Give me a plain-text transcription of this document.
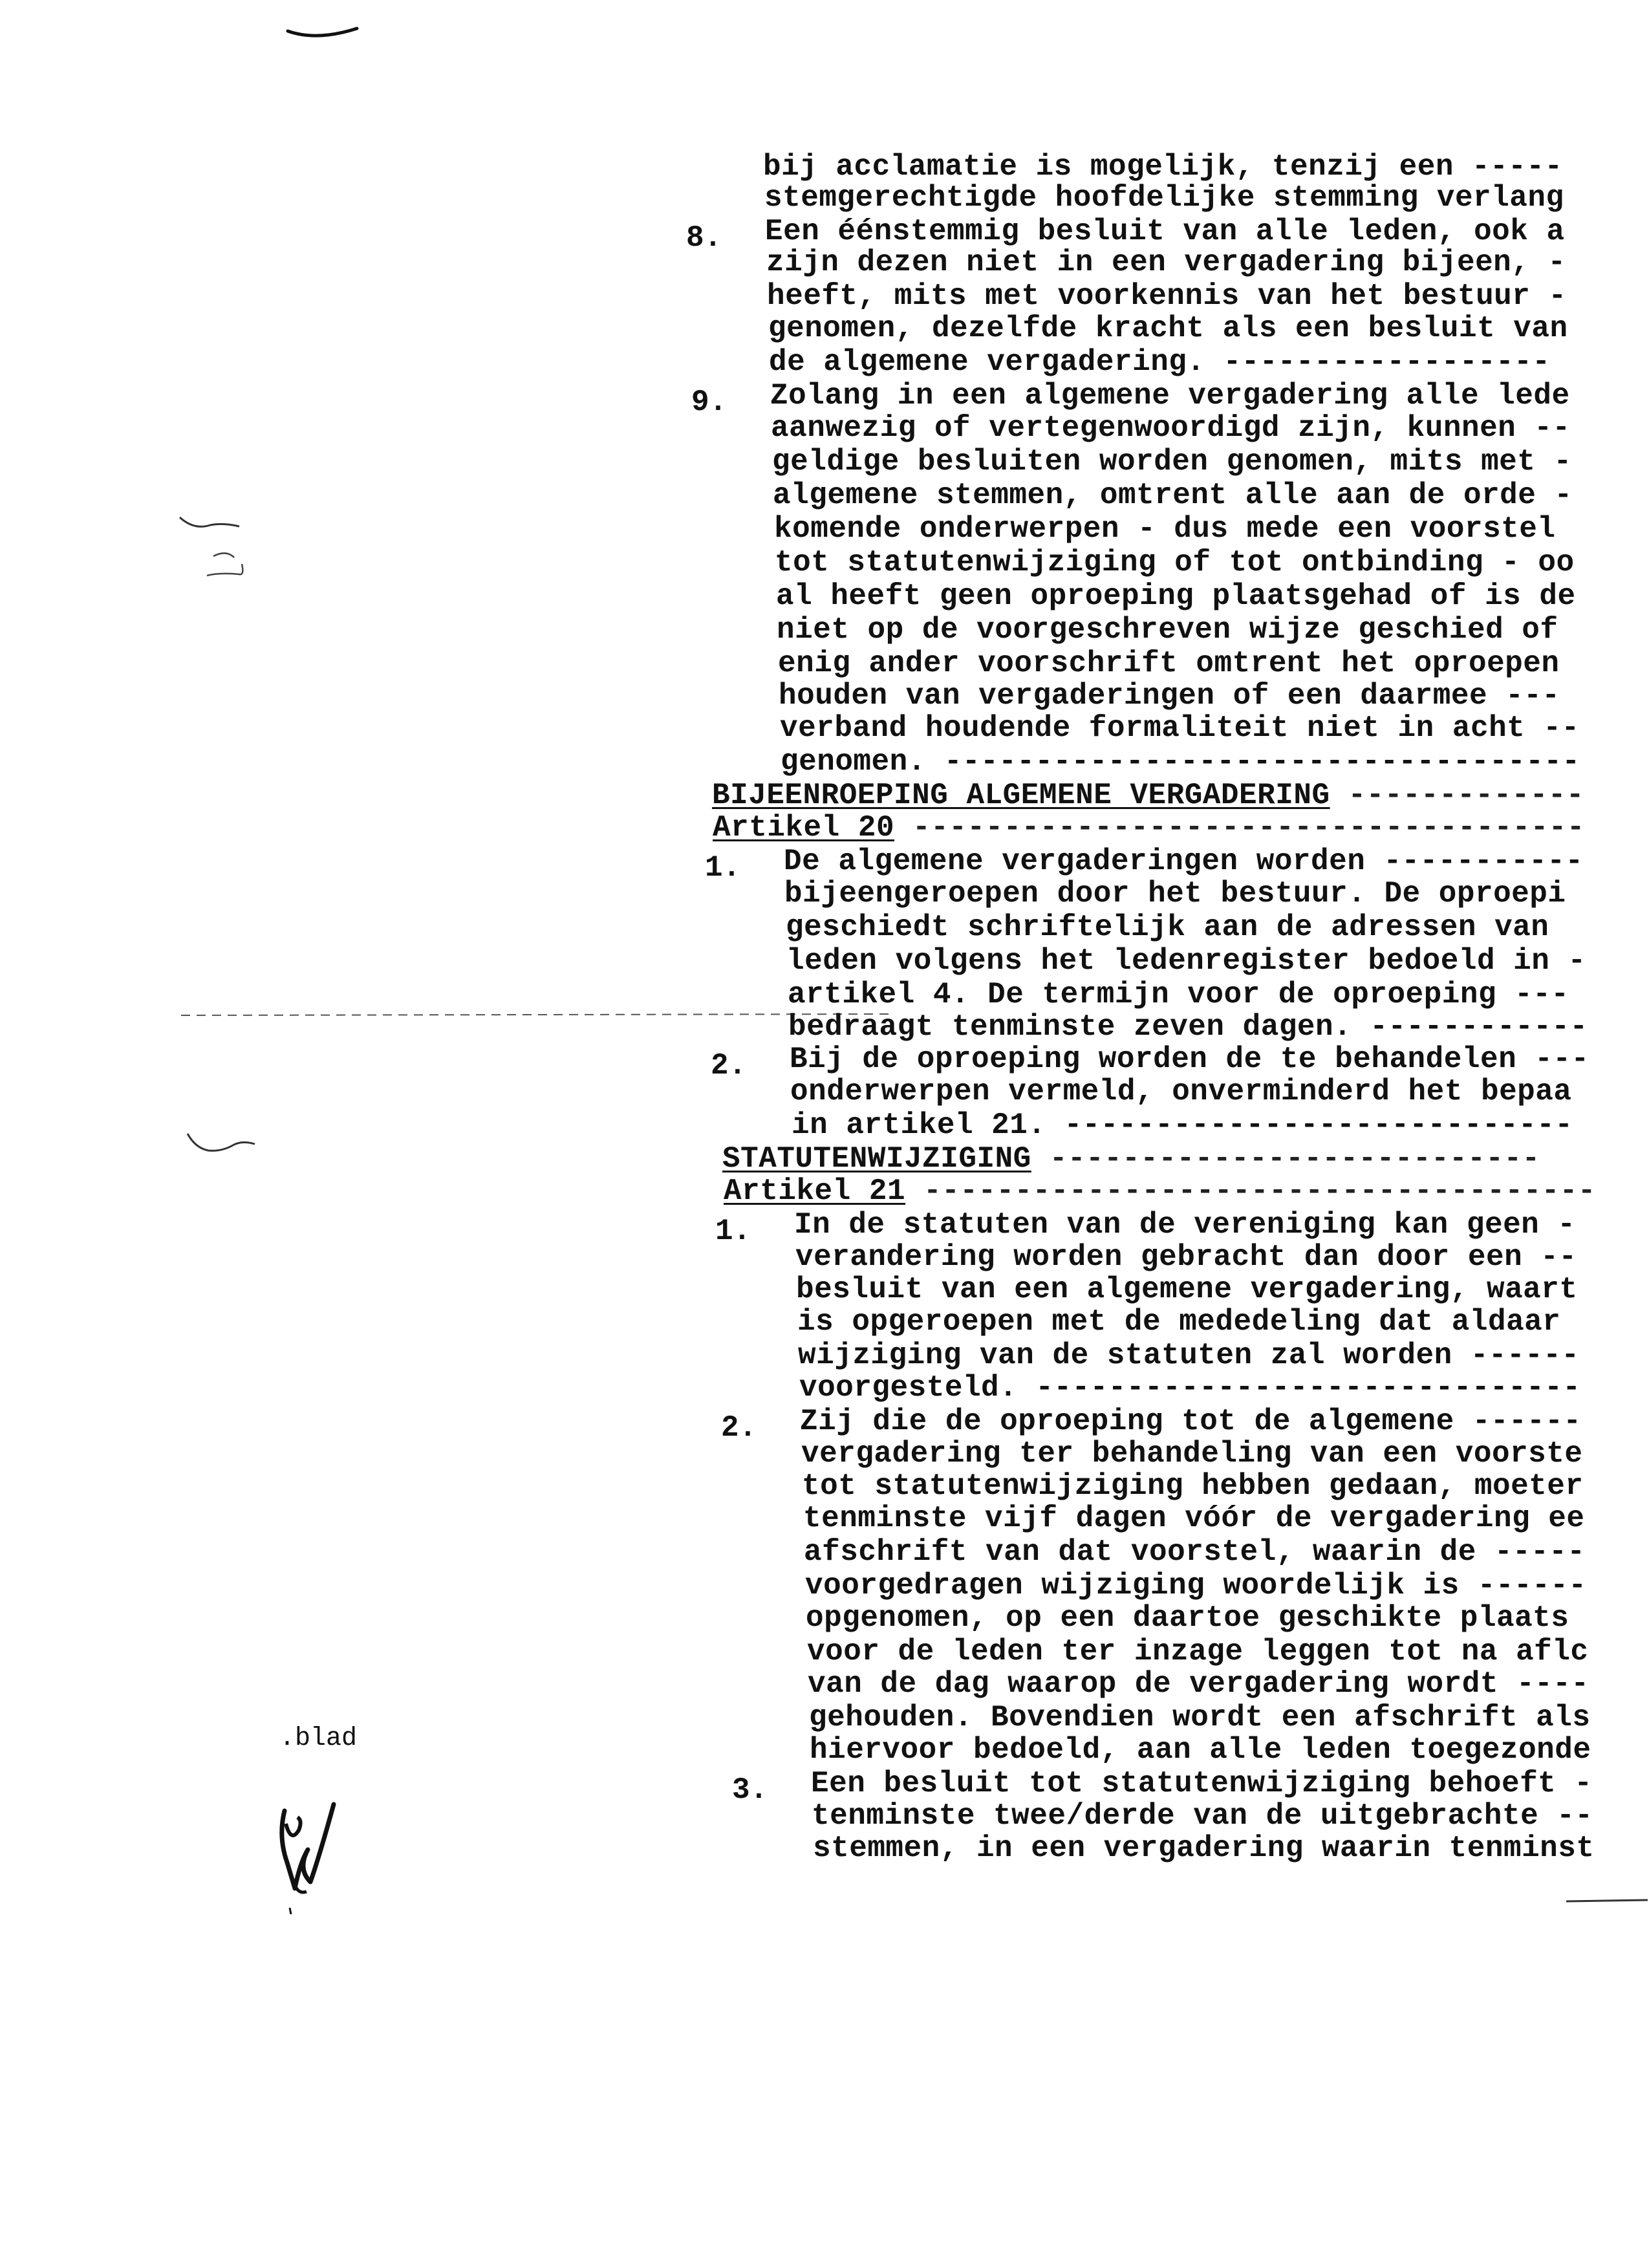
.blad
bij acclamatie is mogelijk, tenzij een -----
stemgerechtigde hoofdelijke stemming verlang
8. Een éénstemmig besluit van alle leden, ook a
zijn dezen niet in een vergadering bijeen, -
heeft, mits met voorkennis van het bestuur -
genomen, dezelfde kracht als een besluit van
de algemene vergadering. ------------------
9. Zolang in een algemene vergadering alle lede
aanwezig of vertegenwoordigd zijn, kunnen --
geldige besluiten worden genomen, mits met -
algemene stemmen, omtrent alle aan de orde -
komende onderwerpen - dus mede een voorstel
tot statutenwijziging of tot ontbinding - oo
al heeft geen oproeping plaatsgehad of is de
niet op de voorgeschreven wijze geschied of
enig ander voorschrift omtrent het oproepen
houden van vergaderingen of een daarmee ---
verband houdende formaliteit niet in acht --
genomen. -----------------------------------
BIJEENROEPING ALGEMENE VERGADERING -------------
Artikel 20 -------------------------------------
1. De algemene vergaderingen worden -----------
bijeengeroepen door het bestuur. De oproepi
geschiedt schriftelijk aan de adressen van
leden volgens het ledenregister bedoeld in -
artikel 4. De termijn voor de oproeping ---
bedraagt tenminste zeven dagen. ------------
2. Bij de oproeping worden de te behandelen ---
onderwerpen vermeld, onverminderd het bepaa
in artikel 21. ----------------------------
STATUTENWIJZIGING ---------------------------
Artikel 21 -------------------------------------
1. In de statuten van de vereniging kan geen -
verandering worden gebracht dan door een --
besluit van een algemene vergadering, waart
is opgeroepen met de mededeling dat aldaar
wijziging van de statuten zal worden ------
voorgesteld. ------------------------------
2. Zij die de oproeping tot de algemene ------
vergadering ter behandeling van een voorste
tot statutenwijziging hebben gedaan, moeter
tenminste vijf dagen vóór de vergadering ee
afschrift van dat voorstel, waarin de -----
voorgedragen wijziging woordelijk is ------
opgenomen, op een daartoe geschikte plaats
voor de leden ter inzage leggen tot na aflc
van de dag waarop de vergadering wordt ----
gehouden. Bovendien wordt een afschrift als
hiervoor bedoeld, aan alle leden toegezonde
3. Een besluit tot statutenwijziging behoeft -
tenminste twee/derde van de uitgebrachte --
stemmen, in een vergadering waarin tenminst
